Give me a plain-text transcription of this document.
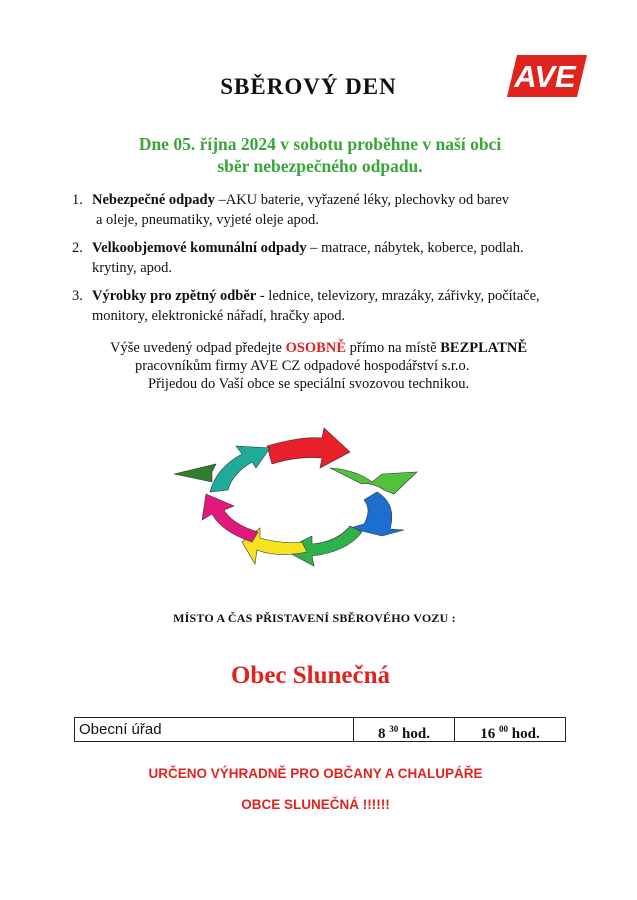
SBĚROVÝ DEN	AVE
Dne 05. října 2024 v sobotu proběhne v naší obci
sběr nebezpečného odpadu.
1. Nebezpečné odpady –AKU baterie, vyřazené léky, plechovky od barev
a oleje, pneumatiky, vyjeté oleje apod.
2. Velkoobjemové komunální odpady – matrace, nábytek, koberce, podlah.
krytiny, apod.
3. Výrobky pro zpětný odběr - lednice, televizory, mrazáky, zářivky, počítače,
monitory, elektronické nářadí, hračky apod.
Výše uvedený odpad předejte OSOBNĚ přímo na místě BEZPLATNĚ
pracovníkům firmy AVE CZ odpadové hospodářství s.r.o.
Přijedou do Vaší obce se speciální svozovou technikou.
MÍSTO A ČAS PŘISTAVENÍ SBĚROVÉHO VOZU :
Obec Slunečná
Obecní úřad	8 $^{30}$ hod.	16 $^{00}$ hod.
URČENO VÝHRADNĚ PRO OBČANY A CHALUPÁŘE
OBCE SLUNEČNÁ !!!!!!
